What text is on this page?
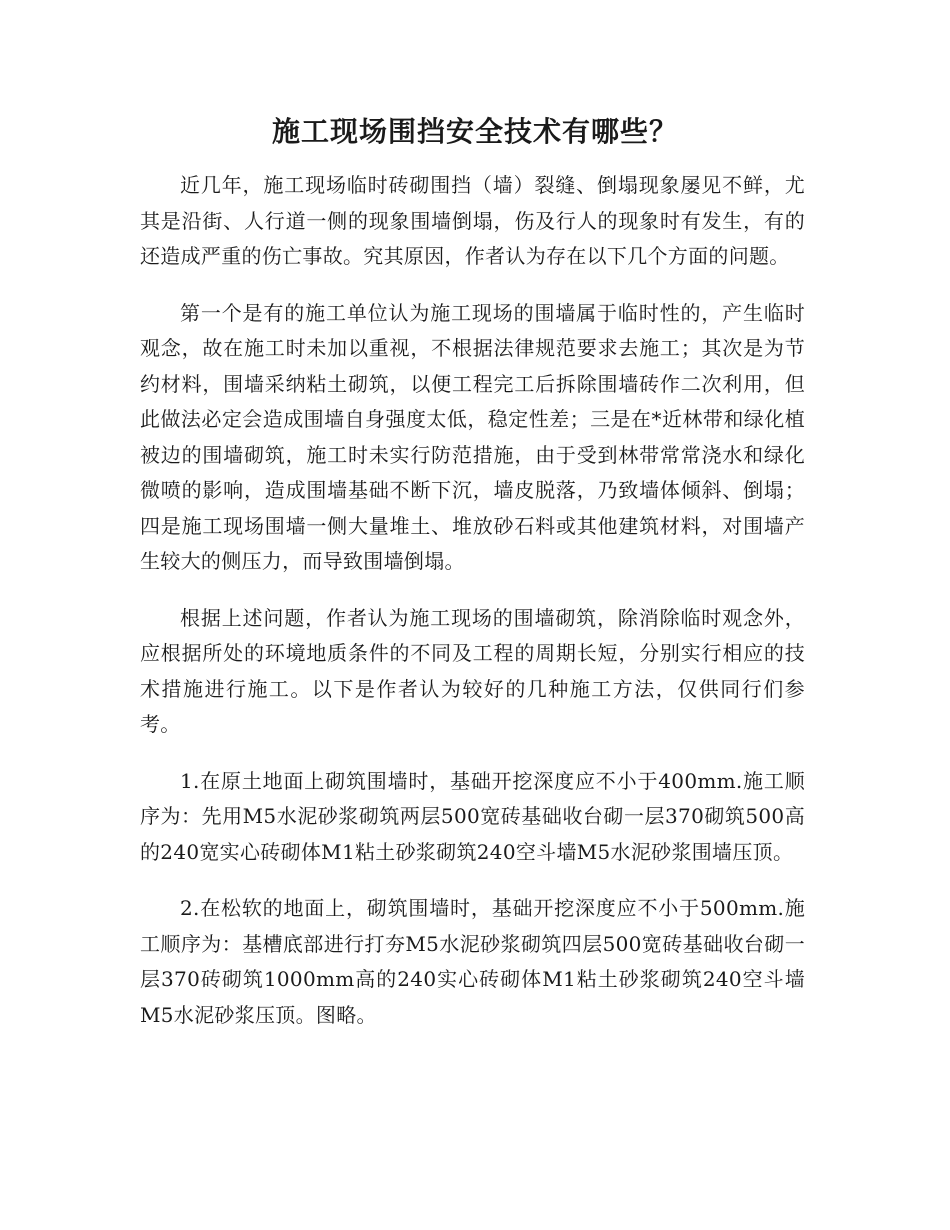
施工现场围挡安全技术有哪些？

近几年，施工现场临时砖砌围挡（墙）裂缝、倒塌现象屡见不鲜，尤其是沿街、人行道一侧的现象围墙倒塌，伤及行人的现象时有发生，有的还造成严重的伤亡事故。究其原因，作者认为存在以下几个方面的问题。

第一个是有的施工单位认为施工现场的围墙属于临时性的，产生临时观念，故在施工时未加以重视，不根据法律规范要求去施工；其次是为节约材料，围墙采纳粘土砌筑，以便工程完工后拆除围墙砖作二次利用，但此做法必定会造成围墙自身强度太低，稳定性差；三是在*近林带和绿化植被边的围墙砌筑，施工时未实行防范措施，由于受到林带常常浇水和绿化微喷的影响，造成围墙基础不断下沉，墙皮脱落，乃致墙体倾斜、倒塌；四是施工现场围墙一侧大量堆土、堆放砂石料或其他建筑材料，对围墙产生较大的侧压力，而导致围墙倒塌。

根据上述问题，作者认为施工现场的围墙砌筑，除消除临时观念外，应根据所处的环境地质条件的不同及工程的周期长短，分别实行相应的技术措施进行施工。以下是作者认为较好的几种施工方法，仅供同行们参考。

1.在原土地面上砌筑围墙时，基础开挖深度应不小于400mm.施工顺序为：先用M5水泥砂浆砌筑两层500宽砖基础收台砌一层370砌筑500高的240宽实心砖砌体M1粘土砂浆砌筑240空斗墙M5水泥砂浆围墙压顶。

2.在松软的地面上，砌筑围墙时，基础开挖深度应不小于500mm.施工顺序为：基槽底部进行打夯M5水泥砂浆砌筑四层500宽砖基础收台砌一层370砖砌筑1000mm高的240实心砖砌体M1粘土砂浆砌筑240空斗墙M5水泥砂浆压顶。图略。
